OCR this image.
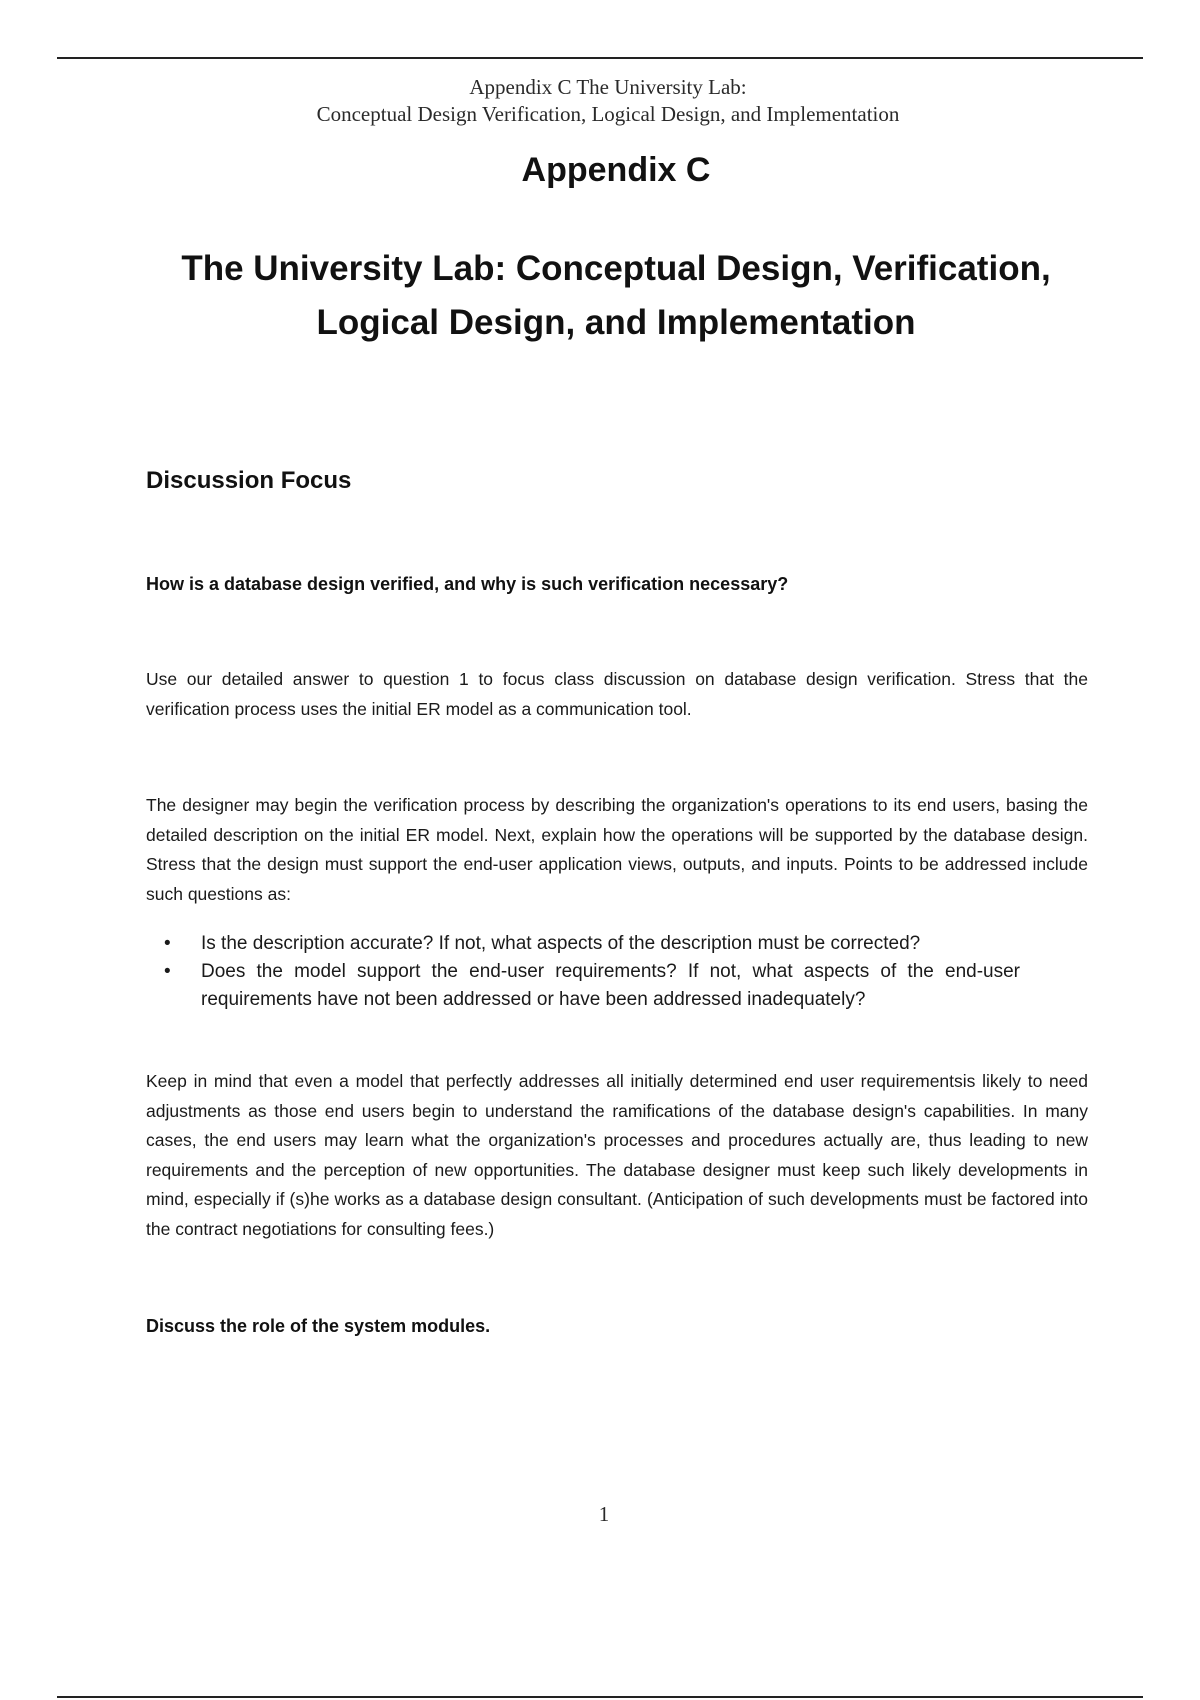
Appendix C The University Lab:
Conceptual Design Verification, Logical Design, and Implementation
Appendix C
The University Lab: Conceptual Design, Verification,
Logical Design, and Implementation
Discussion Focus

How is a database design verified, and why is such verification necessary?

Use our detailed answer to question 1 to focus class discussion on database design verification. Stress that the verification process uses the initial ER model as a communication tool.

The designer may begin the verification process by describing the organization's operations to its end users, basing the detailed description on the initial ER model. Next, explain how the operations will be supported by the database design. Stress that the design must support the end-user application views, outputs, and inputs. Points to be addressed include such questions as:

• Is the description accurate? If not, what aspects of the description must be corrected?
• Does the model support the end-user requirements? If not, what aspects of the end-user requirements have not been addressed or have been addressed inadequately?

Keep in mind that even a model that perfectly addresses all initially determined end user requirementsis likely to need adjustments as those end users begin to understand the ramifications of the database design's capabilities. In many cases, the end users may learn what the organization's processes and procedures actually are, thus leading to new requirements and the perception of new opportunities. The database designer must keep such likely developments in mind, especially if (s)he works as a database design consultant. (Anticipation of such developments must be factored into the contract negotiations for consulting fees.)

Discuss the role of the system modules.

1
